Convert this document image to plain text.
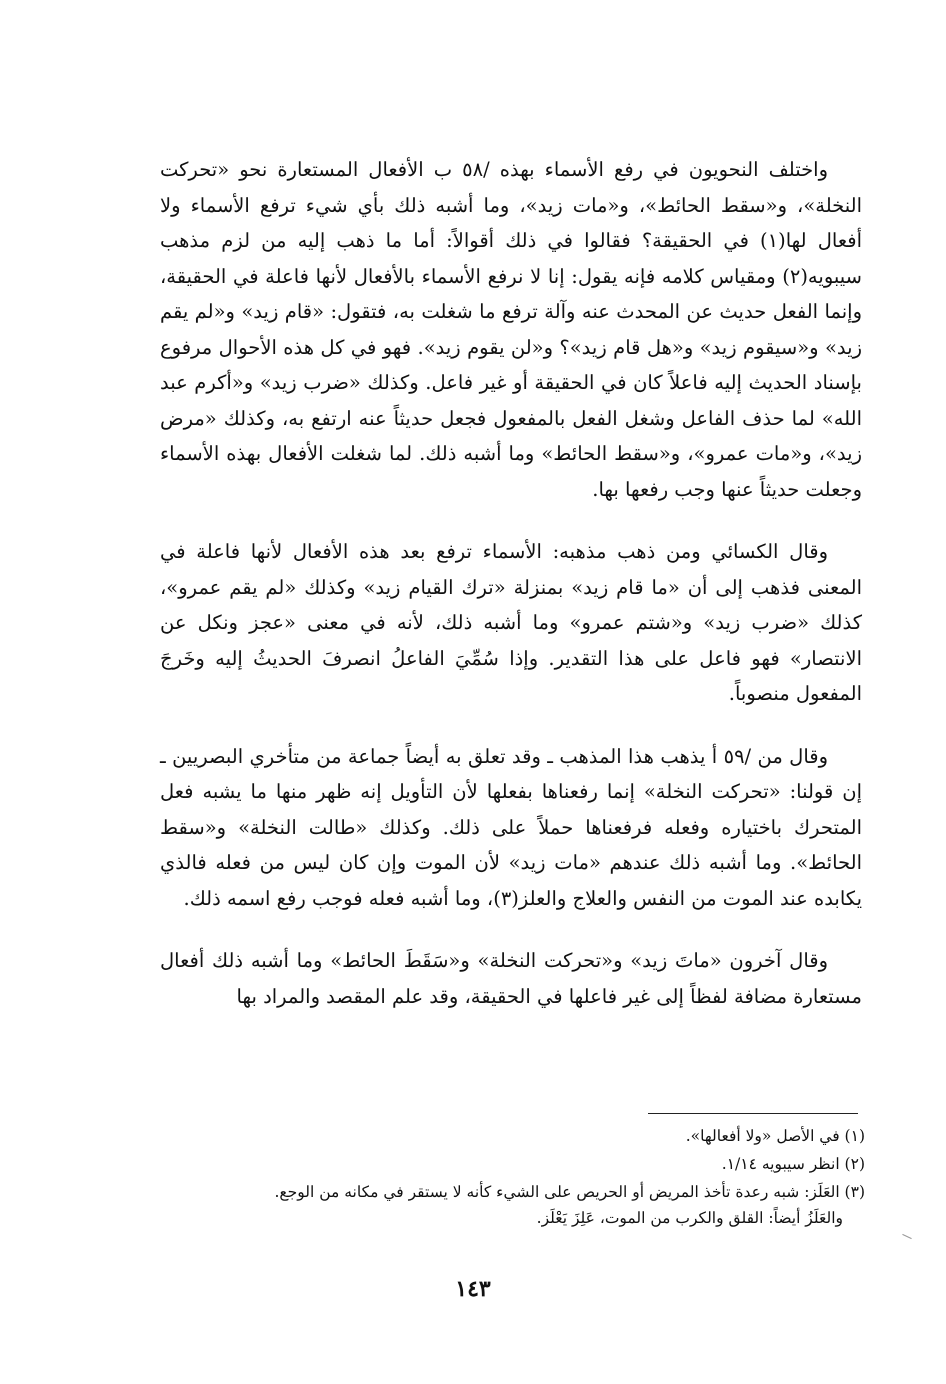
واختلف النحويون في رفع الأسماء بهذه /٥٨ ب الأفعال المستعارة نحو «تحركت النخلة»، و«سقط الحائط»، و«مات زيد»، وما أشبه ذلك بأي شيء ترفع الأسماء ولا أفعال لها(١) في الحقيقة؟ فقالوا في ذلك أقوالاً: أما ما ذهب إليه من لزم مذهب سيبويه(٢) ومقياس كلامه فإنه يقول: إنا لا نرفع الأسماء بالأفعال لأنها فاعلة في الحقيقة، وإنما الفعل حديث عن المحدث عنه وآلة ترفع ما شغلت به، فتقول: «قام زيد» و«لم يقم زيد» و«سيقوم زيد» و«هل قام زيد»؟ و«لن يقوم زيد». فهو في كل هذه الأحوال مرفوع بإسناد الحديث إليه فاعلاً كان في الحقيقة أو غير فاعل. وكذلك «ضرب زيد» و«أكرم عبد الله» لما حذف الفاعل وشغل الفعل بالمفعول فجعل حديثاً عنه ارتفع به، وكذلك «مرض زيد»، و«مات عمرو»، و«سقط الحائط» وما أشبه ذلك. لما شغلت الأفعال بهذه الأسماء وجعلت حديثاً عنها وجب رفعها بها.

وقال الكسائي ومن ذهب مذهبه: الأسماء ترفع بعد هذه الأفعال لأنها فاعلة في المعنى فذهب إلى أن «ما قام زيد» بمنزلة «ترك القيام زيد» وكذلك «لم يقم عمرو»، كذلك «ضرب زيد» و«شتم عمرو» وما أشبه ذلك، لأنه في معنى «عجز ونكل عن الانتصار» فهو فاعل على هذا التقدير. وإذا سُمِّيَ الفاعلُ انصرفَ الحديثُ إليه وخَرجَ المفعول منصوباً.

وقال من /٥٩ أ يذهب هذا المذهب ـ وقد تعلق به أيضاً جماعة من متأخري البصريين ـ إن قولنا: «تحركت النخلة» إنما رفعناها بفعلها لأن التأويل إنه ظهر منها ما يشبه فعل المتحرك باختياره وفعله فرفعناها حملاً على ذلك. وكذلك «طالت النخلة» و«سقط الحائط». وما أشبه ذلك عندهم «مات زيد» لأن الموت وإن كان ليس من فعله فالذي يكابده عند الموت من النفس والعلاج والعلز(٣)، وما أشبه فعله فوجب رفع اسمه ذلك.

وقال آخرون «ماتَ زيد» و«تحركت النخلة» و«سَقَطَ الحائط» وما أشبه ذلك أفعال مستعارة مضافة لفظاً إلى غير فاعلها في الحقيقة، وقد علم المقصد والمراد بها

(١) في الأصل «ولا أفعالها».
(٢) انظر سيبويه ١/١٤.
(٣) العَلَز: شبه رعدة تأخذ المريض أو الحريص على الشيء كأنه لا يستقر في مكانه من الوجع.
والعَلَزُ أيضاً: القلق والكرب من الموت، عَلِزَ يَعْلَز.
١٤٣
